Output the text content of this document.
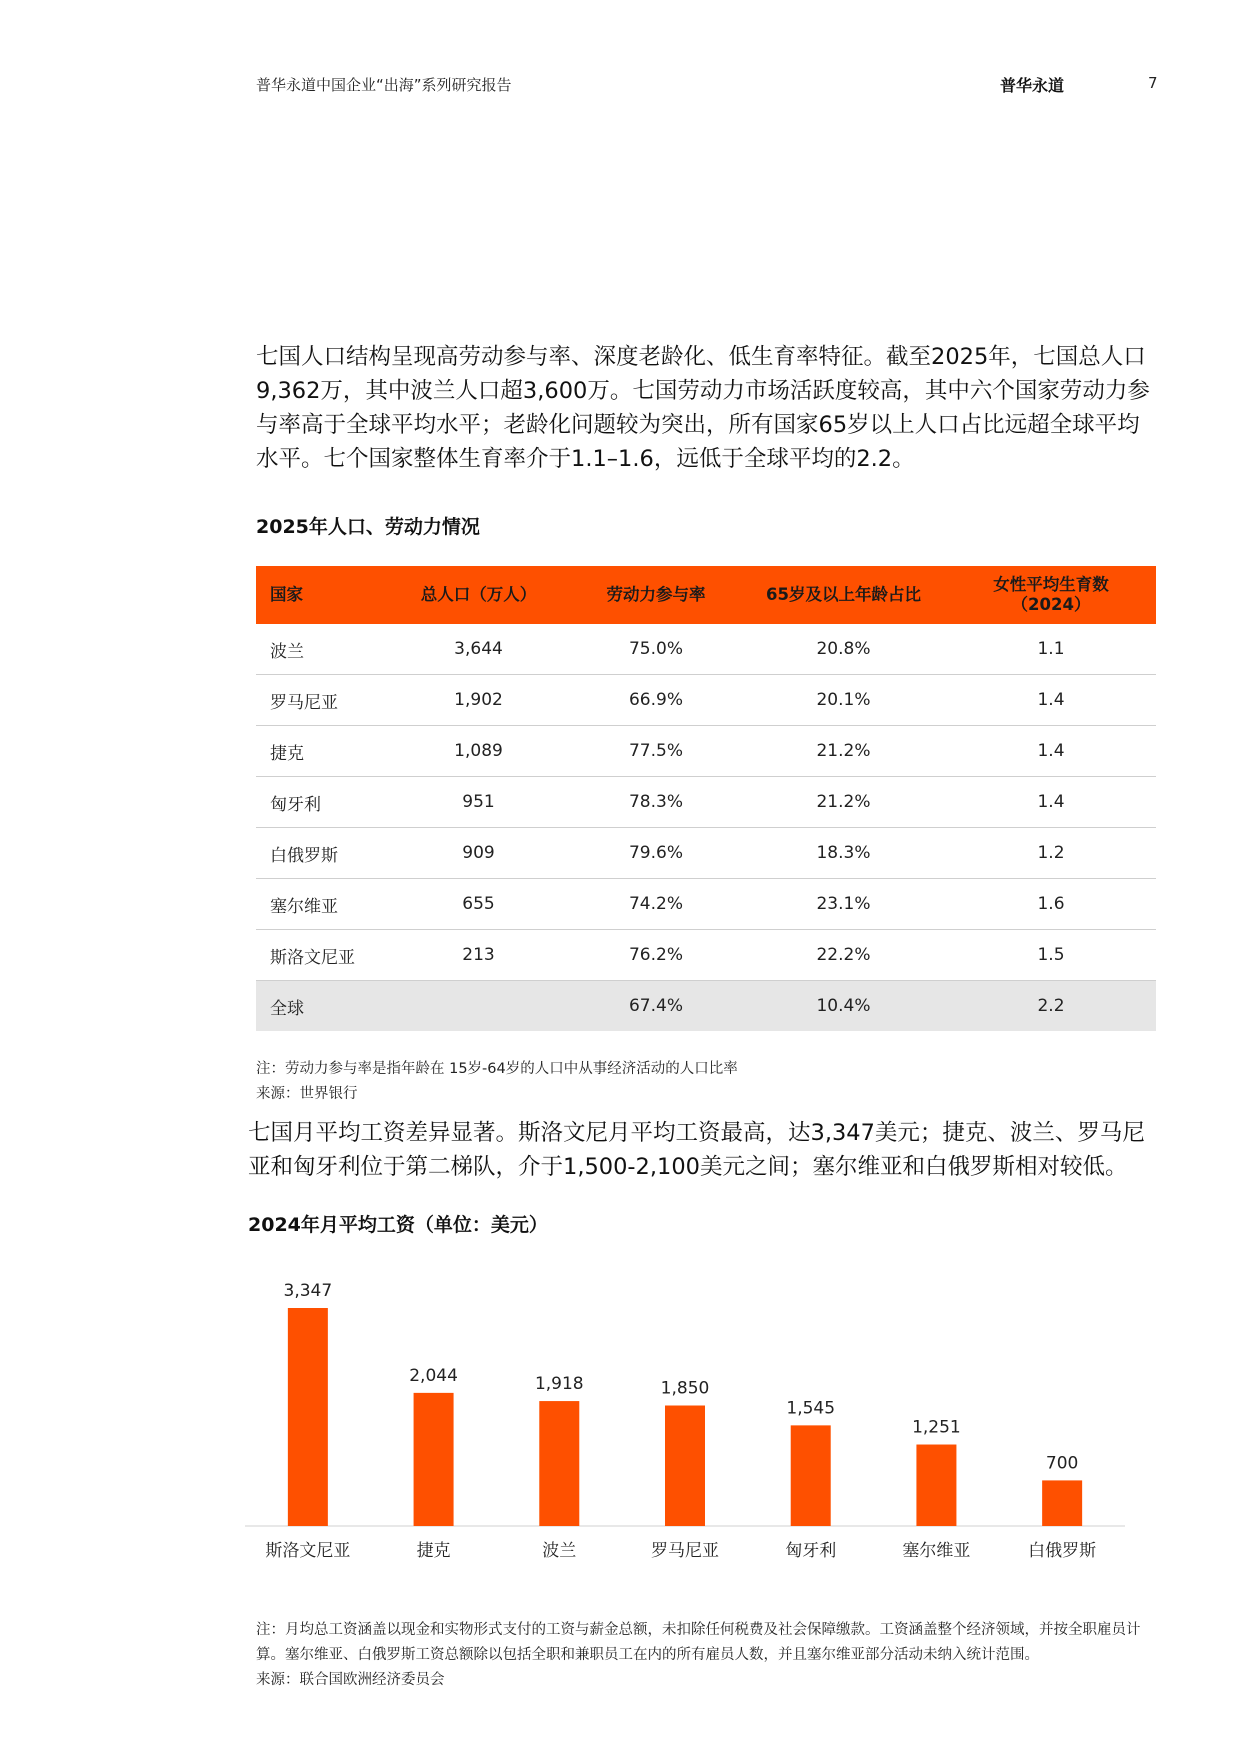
普华永道中国企业“出海”系列研究报告	普华永道	7
七国人口结构呈现高劳动参与率、深度老龄化、低生育率特征。截至2025年，七国总人口9,362万，其中波兰人口超3,600万。七国劳动力市场活跃度较高，其中六个国家劳动力参与率高于全球平均水平；老龄化问题较为突出，所有国家65岁以上人口占比远超全球平均水平。七个国家整体生育率介于1.1–1.6，远低于全球平均的2.2。
2025年人口、劳动力情况
国家	总人口（万人）	劳动力参与率	65岁及以上年龄占比	女性平均生育数
（2024）
波兰	3,644	75.0%	20.8%	1.1
罗马尼亚	1,902	66.9%	20.1%	1.4
捷克	1,089	77.5%	21.2%	1.4
匈牙利	951	78.3%	21.2%	1.4
白俄罗斯	909	79.6%	18.3%	1.2
塞尔维亚	655	74.2%	23.1%	1.6
斯洛文尼亚	213	76.2%	22.2%	1.5
全球		67.4%	10.4%	2.2
注：劳动力参与率是指年龄在 15岁-64岁的人口中从事经济活动的人口比率
来源：世界银行
七国月平均工资差异显著。斯洛文尼月平均工资最高，达3,347美元；捷克、波兰、罗马尼亚和匈牙利位于第二梯队，介于1,500-2,100美元之间；塞尔维亚和白俄罗斯相对较低。
2024年月平均工资（单位：美元）
3,347
斯洛文尼亚
2,044
捷克
1,918
波兰
1,850
罗马尼亚
1,545
匈牙利
1,251
塞尔维亚
700
白俄罗斯
注：月均总工资涵盖以现金和实物形式支付的工资与薪金总额，未扣除任何税费及社会保障缴款。工资涵盖整个经济领域，并按全职雇员计算。塞尔维亚、白俄罗斯工资总额除以包括全职和兼职员工在内的所有雇员人数，并且塞尔维亚部分活动未纳入统计范围。
来源：联合国欧洲经济委员会
